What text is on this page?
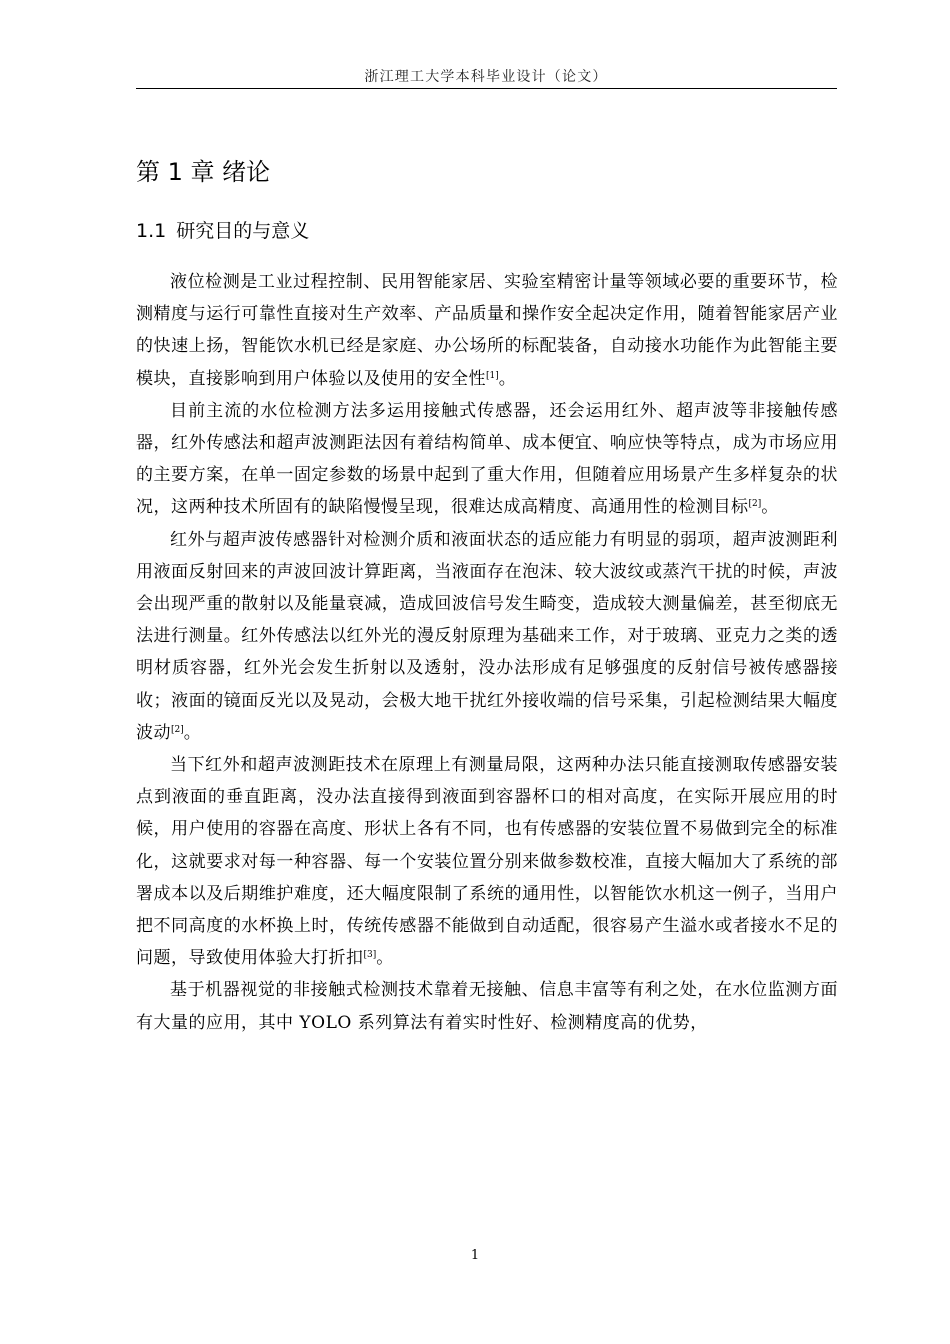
浙江理工大学本科毕业设计（论文）
第 1 章 绪论
1.1 研究目的与意义

液位检测是工业过程控制、民用智能家居、实验室精密计量等领域必要的重要环节，检测精度与运行可靠性直接对生产效率、产品质量和操作安全起决定作用，随着智能家居产业的快速上扬，智能饮水机已经是家庭、办公场所的标配装备，自动接水功能作为此智能主要模块，直接影响到用户体验以及使用的安全性[1]。

目前主流的水位检测方法多运用接触式传感器，还会运用红外、超声波等非接触传感器，红外传感法和超声波测距法因有着结构简单、成本便宜、响应快等特点，成为市场应用的主要方案，在单一固定参数的场景中起到了重大作用，但随着应用场景产生多样复杂的状况，这两种技术所固有的缺陷慢慢呈现，很难达成高精度、高通用性的检测目标[2]。

红外与超声波传感器针对检测介质和液面状态的适应能力有明显的弱项，超声波测距利用液面反射回来的声波回波计算距离，当液面存在泡沫、较大波纹或蒸汽干扰的时候，声波会出现严重的散射以及能量衰减，造成回波信号发生畸变，造成较大测量偏差，甚至彻底无法进行测量。红外传感法以红外光的漫反射原理为基础来工作，对于玻璃、亚克力之类的透明材质容器，红外光会发生折射以及透射，没办法形成有足够强度的反射信号被传感器接收；液面的镜面反光以及晃动，会极大地干扰红外接收端的信号采集，引起检测结果大幅度波动[2]。

当下红外和超声波测距技术在原理上有测量局限，这两种办法只能直接测取传感器安装点到液面的垂直距离，没办法直接得到液面到容器杯口的相对高度，在实际开展应用的时候，用户使用的容器在高度、形状上各有不同，也有传感器的安装位置不易做到完全的标准化，这就要求对每一种容器、每一个安装位置分别来做参数校准，直接大幅加大了系统的部署成本以及后期维护难度，还大幅度限制了系统的通用性，以智能饮水机这一例子，当用户把不同高度的水杯换上时，传统传感器不能做到自动适配，很容易产生溢水或者接水不足的问题，导致使用体验大打折扣[3]。

基于机器视觉的非接触式检测技术靠着无接触、信息丰富等有利之处，在水位监测方面有大量的应用，其中 YOLO 系列算法有着实时性好、检测精度高的优势，

1
